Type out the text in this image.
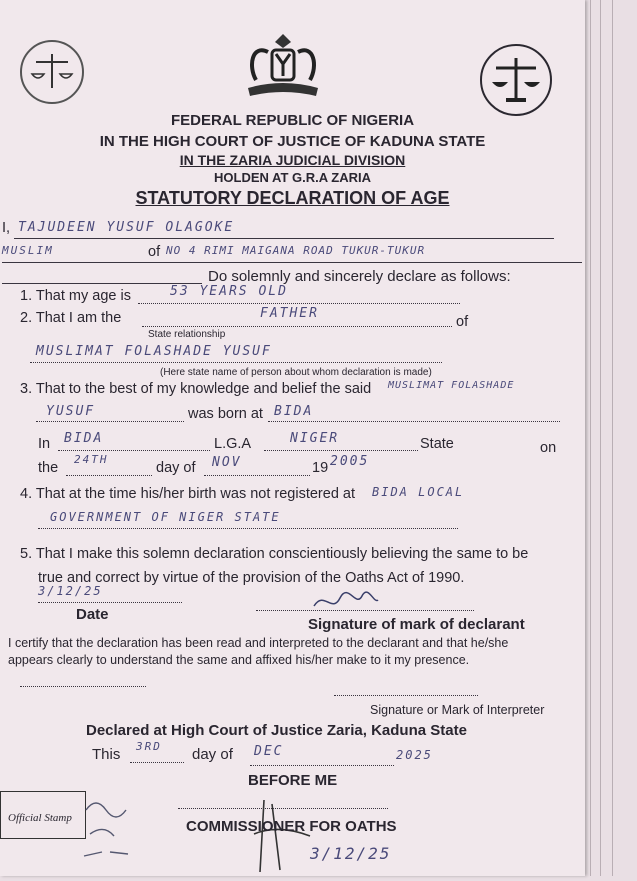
FEDERAL REPUBLIC OF NIGERIA
IN THE HIGH COURT OF JUSTICE OF KADUNA STATE
IN THE ZARIA JUDICIAL DIVISION
HOLDEN AT G.R.A ZARIA
STATUTORY DECLARATION OF AGE
I, TAJUDEEN YUSUF OLAGOKE
MUSLIM	of NO 4 RIMI MAIGANA ROAD TUKUR-TUKUR
Do solemnly and sincerely declare as follows:
1. That my age is	53 YEARS OLD
2. That I am the	FATHER
of
State relationship
MUSLIMAT FOLASHADE YUSUF
(Here state name of person about whom declaration is made)
3. That to the best of my knowledge and belief the said MUSLIMAT FOLASHADE
YUSUF	was born at BIDA
In BIDA	L.G.A	NIGER	State	on
the
24TH
day of NOV	19 2005
4. That at the time his/her birth was not registered at BIDA LOCAL
GOVERNMENT OF NIGER STATE
5. That I make this solemn declaration conscientiously believing the same to be
true and correct by virtue of the provision of the Oaths Act of 1990.
3/12/25
Date
Signature of mark of declarant
I certify that the declaration has been read and interpreted to the declarant and that he/she
appears clearly to understand the same and affixed his/her make to it my presence.
Signature or Mark of Interpreter
Declared at High Court of Justice Zaria, Kaduna State
This 3RD day of DEC	2025
BEFORE ME
Official Stamp	COMMISSIONER FOR OATHS
3/12/25
